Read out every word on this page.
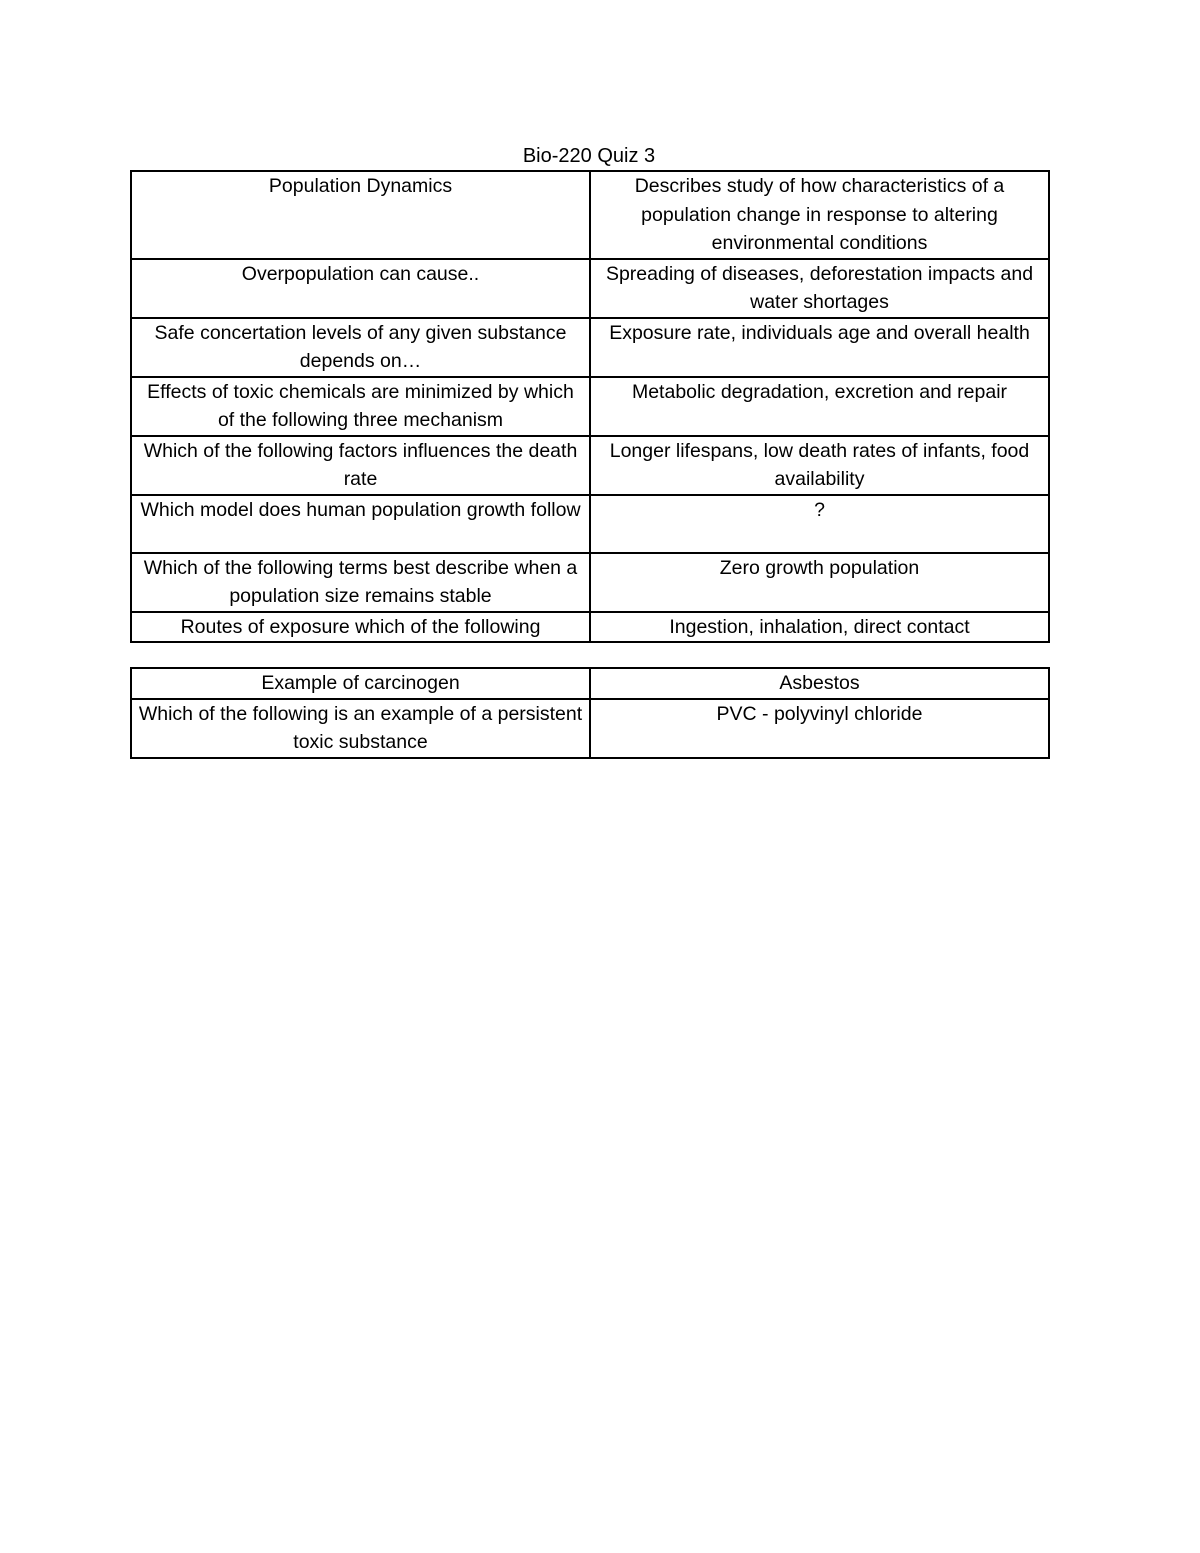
Bio-220 Quiz 3
Population Dynamics	Describes study of how characteristics of a population change in response to altering environmental conditions
Overpopulation can cause..	Spreading of diseases, deforestation impacts and water shortages
Safe concertation levels of any given substance depends on…	Exposure rate, individuals age and overall health
Effects of toxic chemicals are minimized by which of the following three mechanism	Metabolic degradation, excretion and repair
Which of the following factors influences the death rate	Longer lifespans, low death rates of infants, food availability
Which model does human population growth follow	?
Which of the following terms best describe when a population size remains stable	Zero growth population
Routes of exposure which of the following	Ingestion, inhalation, direct contact
Example of carcinogen	Asbestos
Which of the following is an example of a persistent toxic substance	PVC - polyvinyl chloride
